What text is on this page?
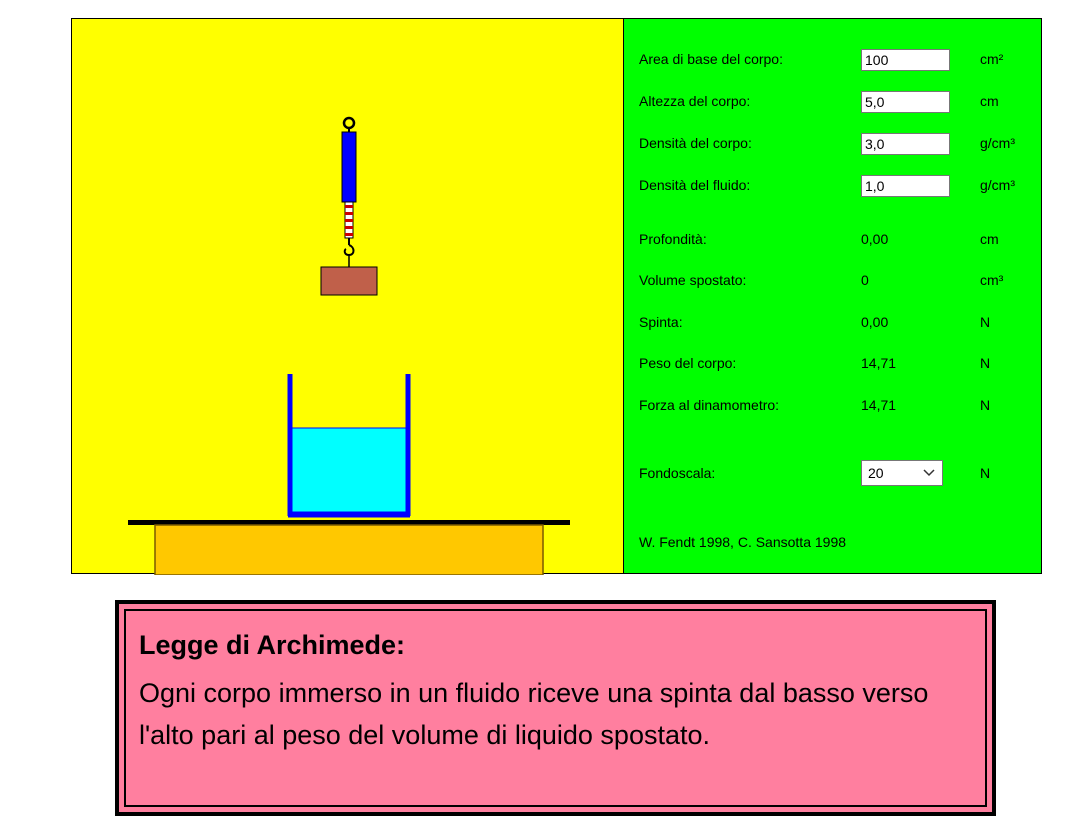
Area di base del corpo:
100	cm²
Altezza del corpo:
5,0	cm
Densità del corpo:
3,0	g/cm³
Densità del fluido:
1,0	g/cm³
Profondità:	0,00	cm
Volume spostato:	0	cm³
Spinta:	0,00	N
Peso del corpo:	14,71	N
Forza al dinamometro:	14,71	N
Fondoscala:	20	N
W. Fendt 1998, C. Sansotta 1998
Legge di Archimede:
Ogni corpo immerso in un fluido riceve una spinta dal basso verso l'alto pari al peso del volume di liquido spostato.
